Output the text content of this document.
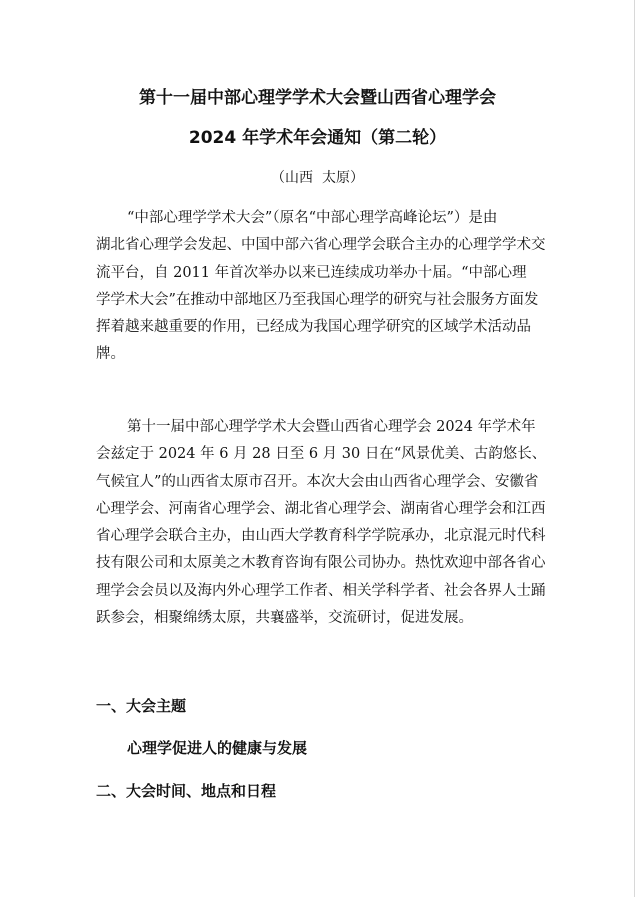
第十一届中部心理学学术大会暨山西省心理学会
2024 年学术年会通知（第二轮）
（山西  太原）
“中部心理学学术大会”（原名“中部心理学高峰论坛”）是由
湖北省心理学会发起、中国中部六省心理学会联合主办的心理学学术交
流平台，自 2011 年首次举办以来已连续成功举办十届。“中部心理
学学术大会”在推动中部地区乃至我国心理学的研究与社会服务方面发
挥着越来越重要的作用，已经成为我国心理学研究的区域学术活动品
牌。
第十一届中部心理学学术大会暨山西省心理学会 2024 年学术年
会兹定于 2024 年 6 月 28 日至 6 月 30 日在“风景优美、古韵悠长、
气候宜人”的山西省太原市召开。本次大会由山西省心理学会、安徽省
心理学会、河南省心理学会、湖北省心理学会、湖南省心理学会和江西
省心理学会联合主办，由山西大学教育科学学院承办，北京混元时代科
技有限公司和太原美之木教育咨询有限公司协办。热忱欢迎中部各省心
理学会会员以及海内外心理学工作者、相关学科学者、社会各界人士踊
跃参会，相聚绵绣太原，共襄盛举，交流研讨，促进发展。
一、大会主题
心理学促进人的健康与发展
二、大会时间、地点和日程
